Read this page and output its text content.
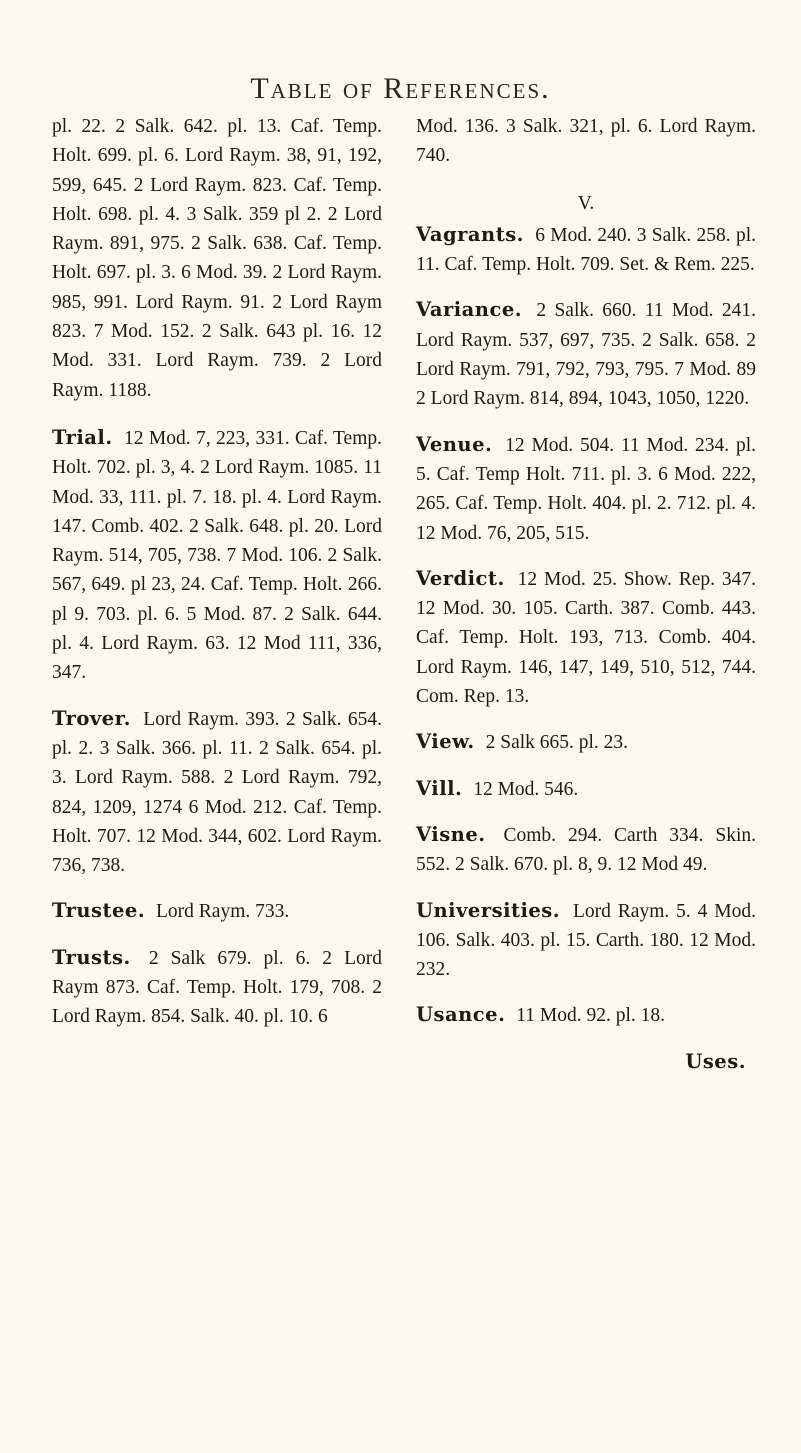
Table of References.

pl. 22. 2 Salk. 642. pl. 13. Caf. Temp. Holt. 699. pl. 6. Lord Raym. 38, 91, 192, 599, 645. 2 Lord Raym. 823. Caf. Temp. Holt. 698. pl. 4. 3 Salk. 359 pl 2. 2 Lord Raym. 891, 975. 2 Salk. 638. Caf. Temp. Holt. 697. pl. 3. 6 Mod. 39. 2 Lord Raym. 985, 991. Lord Raym. 91. 2 Lord Raym 823. 7 Mod. 152. 2 Salk. 643 pl. 16. 12 Mod. 331. Lord Raym. 739. 2 Lord Raym. 1188.

Trial. 12 Mod. 7, 223, 331. Caf. Temp. Holt. 702. pl. 3, 4. 2 Lord Raym. 1085. 11 Mod. 33, 111. pl. 7. 18. pl. 4. Lord Raym. 147. Comb. 402. 2 Salk. 648. pl. 20. Lord Raym. 514, 705, 738. 7 Mod. 106. 2 Salk. 567, 649. pl 23, 24. Caf. Temp. Holt. 266. pl 9. 703. pl. 6. 5 Mod. 87. 2 Salk. 644. pl. 4. Lord Raym. 63. 12 Mod 111, 336, 347.

Trover. Lord Raym. 393. 2 Salk. 654. pl. 2. 3 Salk. 366. pl. 11. 2 Salk. 654. pl. 3. Lord Raym. 588. 2 Lord Raym. 792, 824, 1209, 1274 6 Mod. 212. Caf. Temp. Holt. 707. 12 Mod. 344, 602. Lord Raym. 736, 738.

Trustee. Lord Raym. 733.

Trusts. 2 Salk 679. pl. 6. 2 Lord Raym 873. Caf. Temp. Holt. 179, 708. 2 Lord Raym. 854. Salk. 40. pl. 10. 6

Mod. 136. 3 Salk. 321, pl. 6. Lord Raym. 740.

V.

Vagrants. 6 Mod. 240. 3 Salk. 258. pl. 11. Caf. Temp. Holt. 709. Set. & Rem. 225.

Variance. 2 Salk. 660. 11 Mod. 241. Lord Raym. 537, 697, 735. 2 Salk. 658. 2 Lord Raym. 791, 792, 793, 795. 7 Mod. 89 2 Lord Raym. 814, 894, 1043, 1050, 1220.

Venue. 12 Mod. 504. 11 Mod. 234. pl. 5. Caf. Temp Holt. 711. pl. 3. 6 Mod. 222, 265. Caf. Temp. Holt. 404. pl. 2. 712. pl. 4. 12 Mod. 76, 205, 515.

Verdict. 12 Mod. 25. Show. Rep. 347. 12 Mod. 30. 105. Carth. 387. Comb. 443. Caf. Temp. Holt. 193, 713. Comb. 404. Lord Raym. 146, 147, 149, 510, 512, 744. Com. Rep. 13.

View. 2 Salk 665. pl. 23.

Vill. 12 Mod. 546.

Visne. Comb. 294. Carth 334. Skin. 552. 2 Salk. 670. pl. 8, 9. 12 Mod 49.

Universities. Lord Raym. 5. 4 Mod. 106. Salk. 403. pl. 15. Carth. 180. 12 Mod. 232.

Usance. 11 Mod. 92. pl. 18.

Uses.
